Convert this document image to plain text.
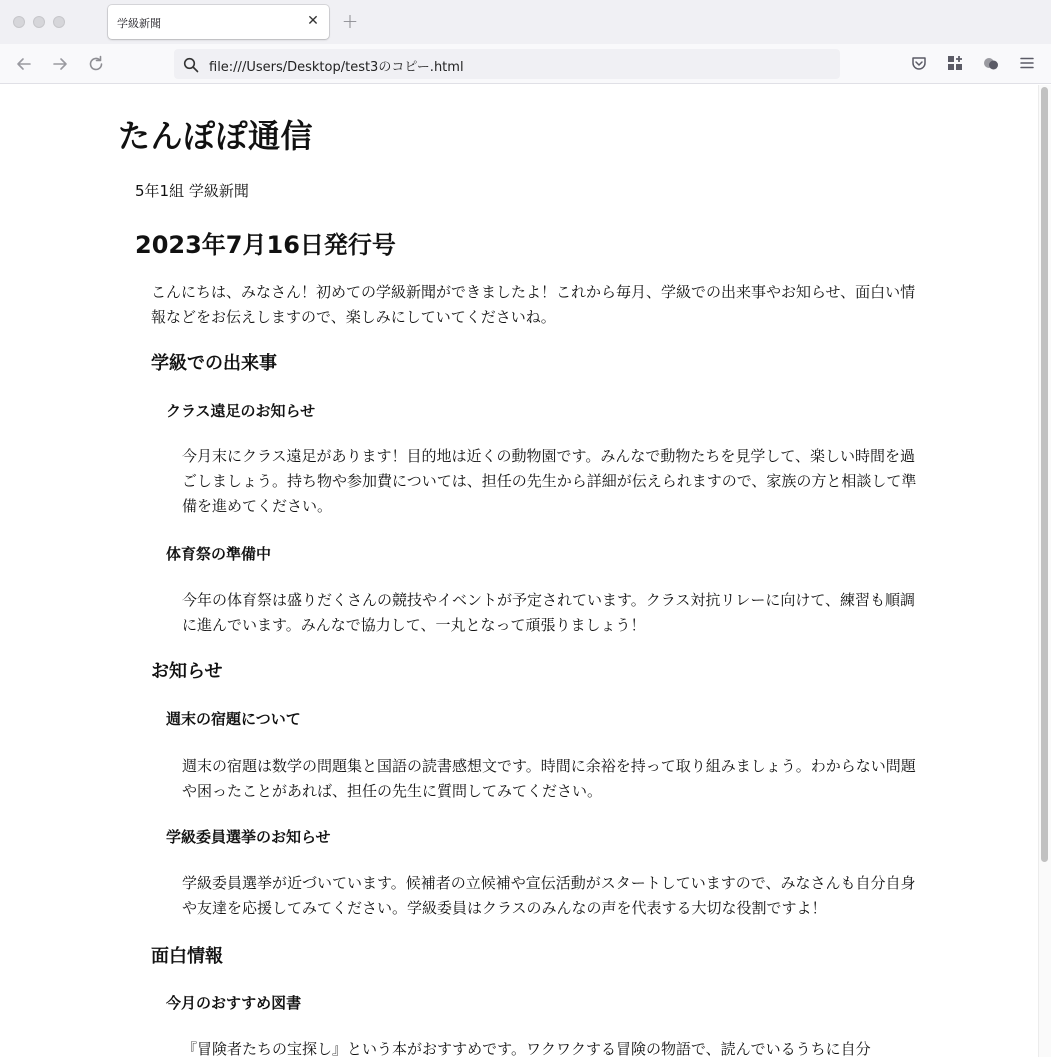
学級新聞	✕ +
file:///Users/Desktop/test3のコピー.html
たんぽぽ通信
5年1組 学級新聞
2023年7月16日発行号

こんにちは、みなさん！初めての学級新聞ができましたよ！これから毎月、学級での出来事やお知らせ、面白い情報などをお伝えしますので、楽しみにしていてくださいね。

学級での出来事
クラス遠足のお知らせ

今月末にクラス遠足があります！目的地は近くの動物園です。みんなで動物たちを見学して、楽しい時間を過ごしましょう。持ち物や参加費については、担任の先生から詳細が伝えられますので、家族の方と相談して準備を進めてください。

体育祭の準備中

今年の体育祭は盛りだくさんの競技やイベントが予定されています。クラス対抗リレーに向けて、練習も順調に進んでいます。みんなで協力して、一丸となって頑張りましょう！

お知らせ
週末の宿題について

週末の宿題は数学の問題集と国語の読書感想文です。時間に余裕を持って取り組みましょう。わからない問題や困ったことがあれば、担任の先生に質問してみてください。

学級委員選挙のお知らせ

学級委員選挙が近づいています。候補者の立候補や宣伝活動がスタートしていますので、みなさんも自分自身や友達を応援してみてください。学級委員はクラスのみんなの声を代表する大切な役割ですよ！

面白情報
今月のおすすめ図書

『冒険者たちの宝探し』という本がおすすめです。ワクワクする冒険の物語で、読んでいるうちに自分
